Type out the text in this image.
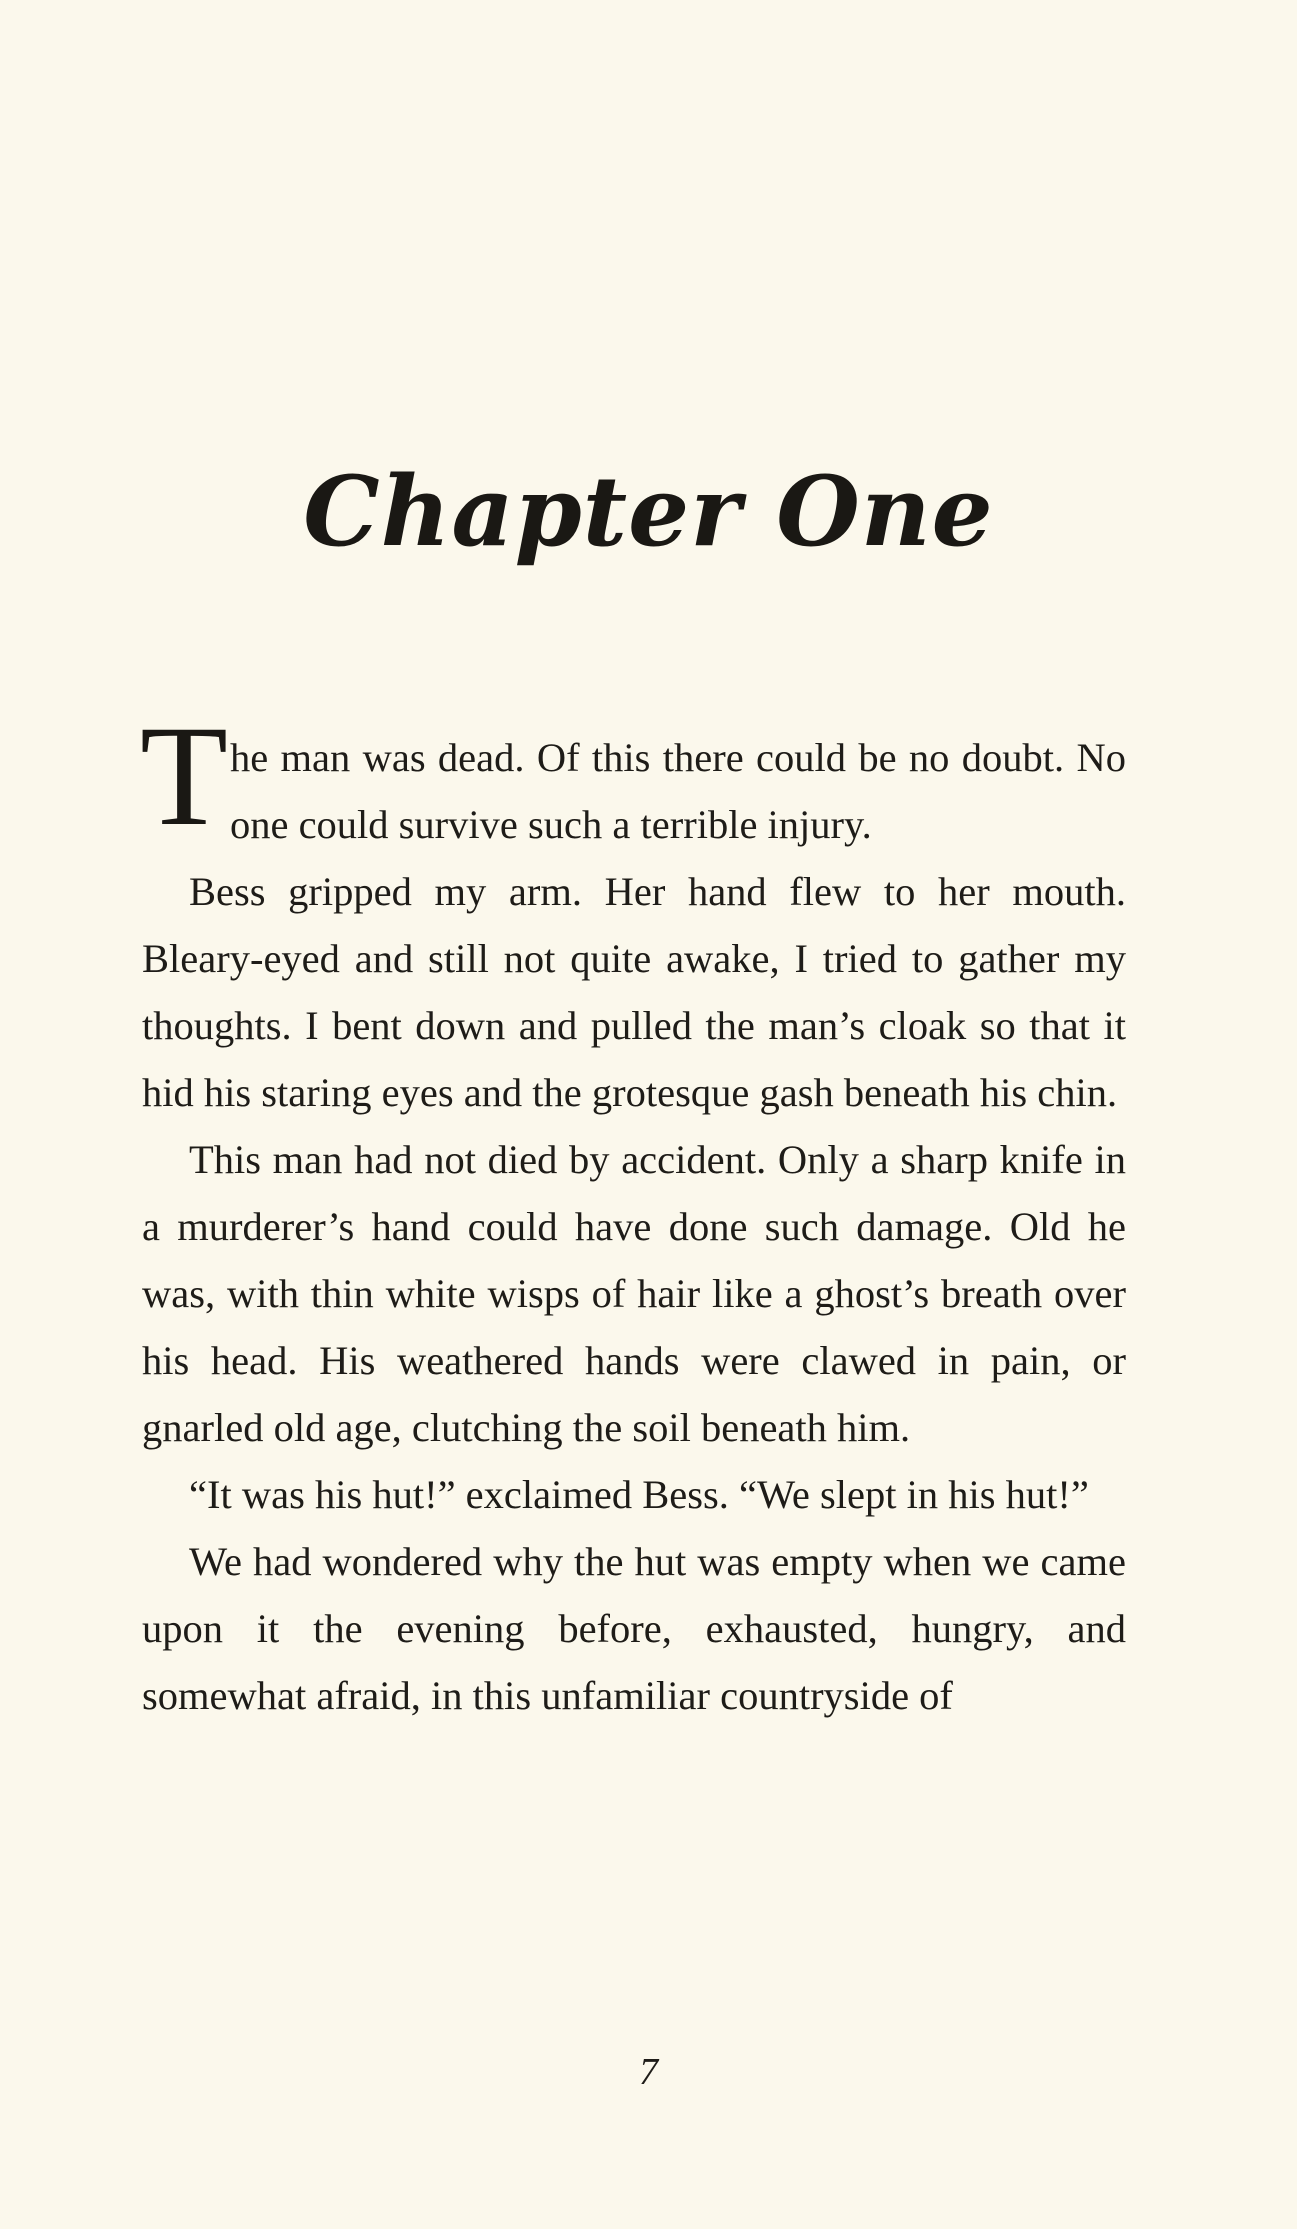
Chapter One

The man was dead. Of this there could be no doubt. No one could survive such a terrible injury.

Bess gripped my arm. Her hand flew to her mouth. Bleary-eyed and still not quite awake, I tried to gather my thoughts. I bent down and pulled the man’s cloak so that it hid his staring eyes and the grotesque gash beneath his chin.

This man had not died by accident. Only a sharp knife in a murderer’s hand could have done such damage. Old he was, with thin white wisps of hair like a ghost’s breath over his head. His weathered hands were clawed in pain, or gnarled old age, clutching the soil beneath him.

“It was his hut!” exclaimed Bess. “We slept in his hut!”

We had wondered why the hut was empty when we came upon it the evening before, exhausted, hungry, and somewhat afraid, in this unfamiliar countryside of

7
